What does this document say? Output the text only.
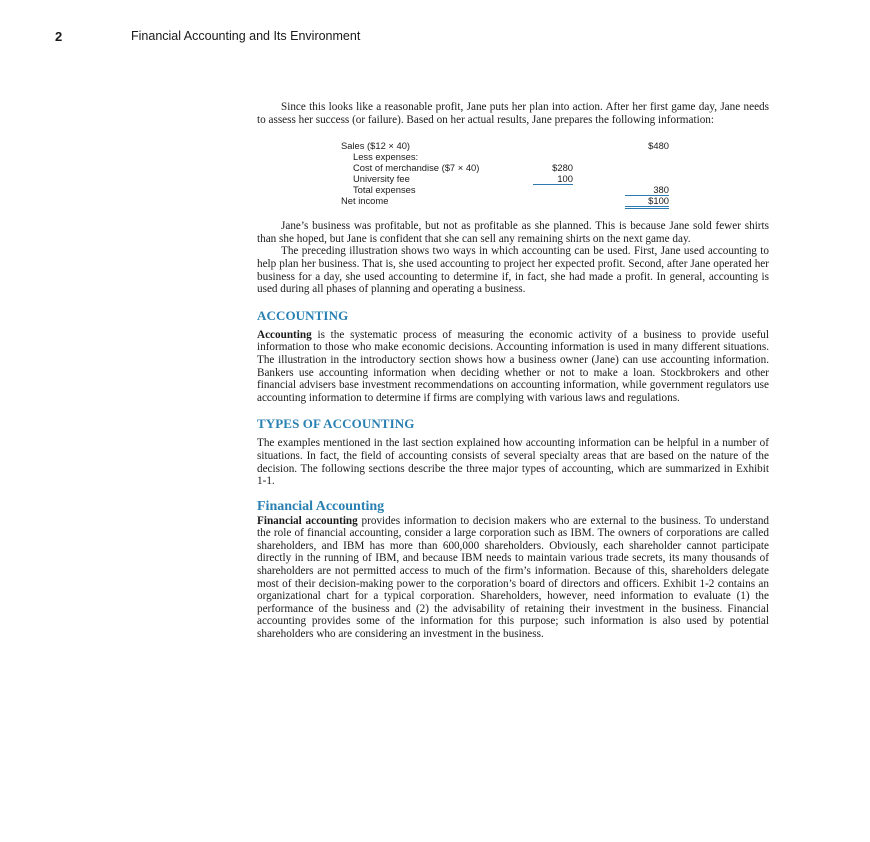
2	Financial Accounting and Its Environment

Since this looks like a reasonable profit, Jane puts her plan into action. After her first game day, Jane needs to assess her success (or failure). Based on her actual results, Jane prepares the following information:

Sales ($12 × 40)	$480
Less expenses:
Cost of merchandise ($7 × 40)	$280
University fee	100
Total expenses	380
Net income	$100

Jane’s business was profitable, but not as profitable as she planned. This is because Jane sold fewer shirts than she hoped, but Jane is confident that she can sell any remaining shirts on the next game day.

The preceding illustration shows two ways in which accounting can be used. First, Jane used accounting to help plan her business. That is, she used accounting to project her expected profit. Second, after Jane operated her business for a day, she used accounting to determine if, in fact, she had made a profit. In general, accounting is used during all phases of planning and operating a business.

ACCOUNTING

Accounting is the systematic process of measuring the economic activity of a business to provide useful information to those who make economic decisions. Accounting information is used in many different situations. The illustration in the introductory section shows how a business owner (Jane) can use accounting information. Bankers use accounting information when deciding whether or not to make a loan. Stockbrokers and other financial advisers base investment recommendations on accounting information, while government regulators use accounting information to determine if firms are complying with various laws and regulations.

TYPES OF ACCOUNTING

The examples mentioned in the last section explained how accounting information can be helpful in a number of situations. In fact, the field of accounting consists of several specialty areas that are based on the nature of the decision. The following sections describe the three major types of accounting, which are summarized in Exhibit 1-1.

Financial Accounting

Financial accounting provides information to decision makers who are external to the business. To understand the role of financial accounting, consider a large corporation such as IBM. The owners of corporations are called shareholders, and IBM has more than 600,000 shareholders. Obviously, each shareholder cannot participate directly in the running of IBM, and because IBM needs to maintain various trade secrets, its many thousands of shareholders are not permitted access to much of the firm’s information. Because of this, shareholders delegate most of their decision-making power to the corporation’s board of directors and officers. Exhibit 1-2 contains an organizational chart for a typical corporation. Shareholders, however, need information to evaluate (1) the performance of the business and (2) the advisability of retaining their investment in the business. Financial accounting provides some of the information for this purpose; such information is also used by potential shareholders who are considering an investment in the business.
